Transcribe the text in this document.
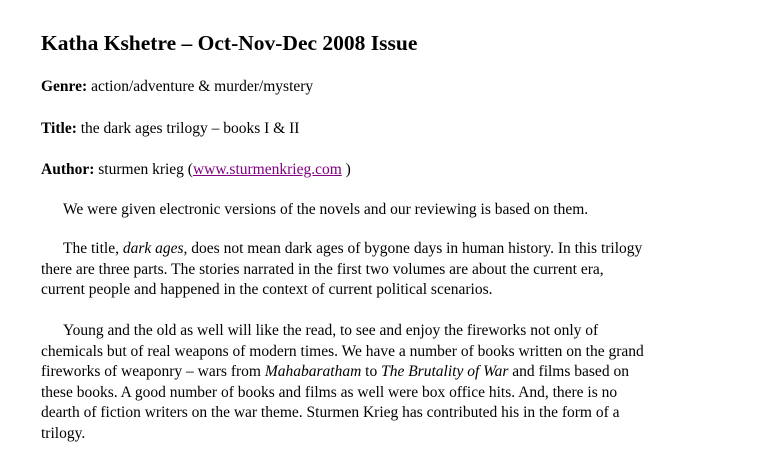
Katha Kshetre – Oct-Nov-Dec 2008 Issue
Genre: action/adventure & murder/mystery
Title: the dark ages trilogy – books I & II
Author: sturmen krieg (www.sturmenkrieg.com )

We were given electronic versions of the novels and our reviewing is based on them.

The title, dark ages, does not mean dark ages of bygone days in human history. In this trilogy
there are three parts. The stories narrated in the first two volumes are about the current era,
current people and happened in the context of current political scenarios.

Young and the old as well will like the read, to see and enjoy the fireworks not only of
chemicals but of real weapons of modern times. We have a number of books written on the grand
fireworks of weaponry – wars from Mahabaratham to The Brutality of War and films based on
these books. A good number of books and films as well were box office hits. And, there is no
dearth of fiction writers on the war theme. Sturmen Krieg has contributed his in the form of a
trilogy.
